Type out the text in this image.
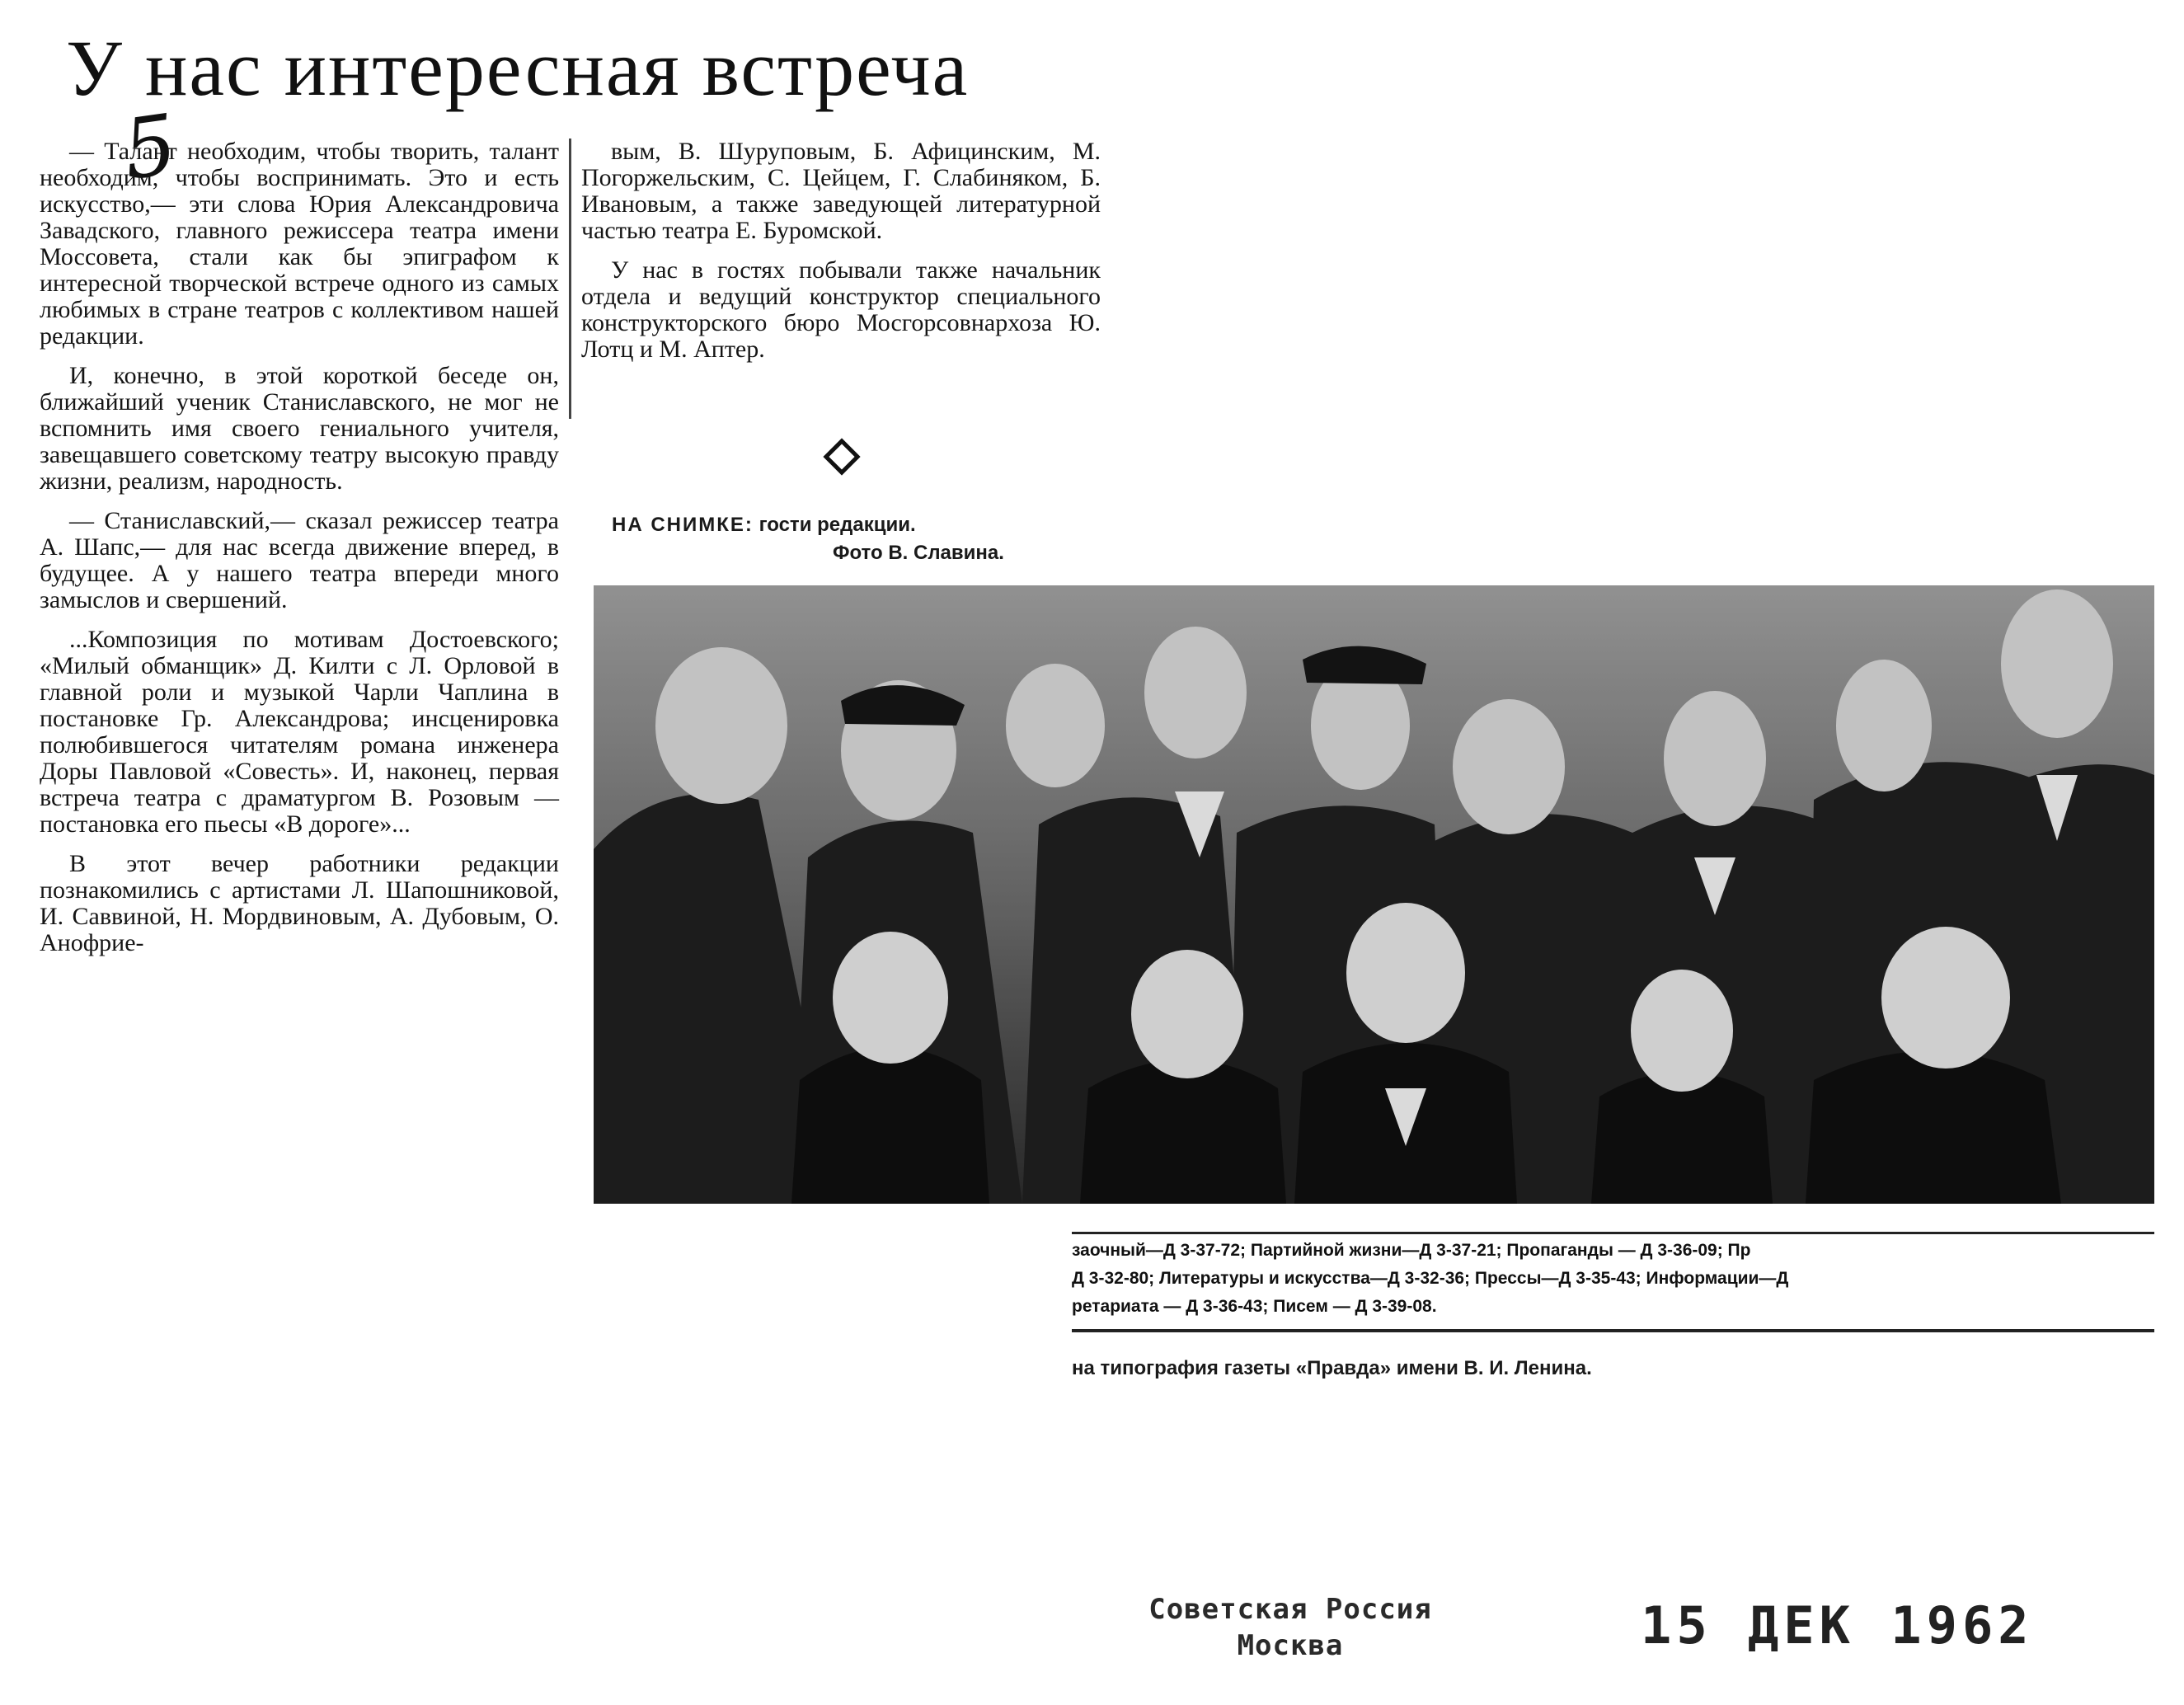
У нас интересная встреча
5

— Талант необходим, чтобы творить, талант необходим, чтобы воспринимать. Это и есть искусство,— эти слова Юрия Александровича Завадского, главного режиссера театра имени Моссовета, стали как бы эпиграфом к интересной творческой встрече одного из самых любимых в стране театров с коллективом нашей редакции.

И, конечно, в этой короткой беседе он, ближайший ученик Станиславского, не мог не вспомнить имя своего гениального учителя, завещавшего советскому театру высокую правду жизни, реализм, народность.

— Станиславский,— сказал режиссер театра А. Шапс,— для нас всегда движение вперед, в будущее. А у нашего театра впереди много замыслов и свершений.

...Композиция по мотивам Достоевского; «Милый обманщик» Д. Килти с Л. Орловой в главной роли и музыкой Чарли Чаплина в постановке Гр. Александрова; инсценировка полюбившегося читателям романа инженера Доры Павловой «Совесть». И, наконец, первая встреча театра с драматургом В. Розовым — постановка его пьесы «В дороге»...

В этот вечер работники редакции познакомились с артистами Л. Шапошниковой, И. Саввиной, Н. Мордвиновым, А. Дубовым, О. Анофрие-

вым, В. Шуруповым, Б. Афицинским, М. Погоржельским, С. Цейцем, Г. Слабиняком, Б. Ивановым, а также заведующей литературной частью театра Е. Буромской.

У нас в гостях побывали также начальник отдела и ведущий конструктор специального конструкторского бюро Мосгорсовнархоза Ю. Лотц и М. Аптер.

НА СНИМКЕ: гости редакции.
Фото В. Славина.
заочный—Д 3-37-72; Партийной жизни—Д 3-37-21; Пропаганды — Д 3-36-09; Пр
Д 3-32-80; Литературы и искусства—Д 3-32-36; Прессы—Д 3-35-43; Информации—Д
ретариата — Д 3-36-43; Писем — Д 3-39-08.
на типография газеты «Правда» имени В. И. Ленина.
Советская Россия
Москва	15 ДЕК 1962
